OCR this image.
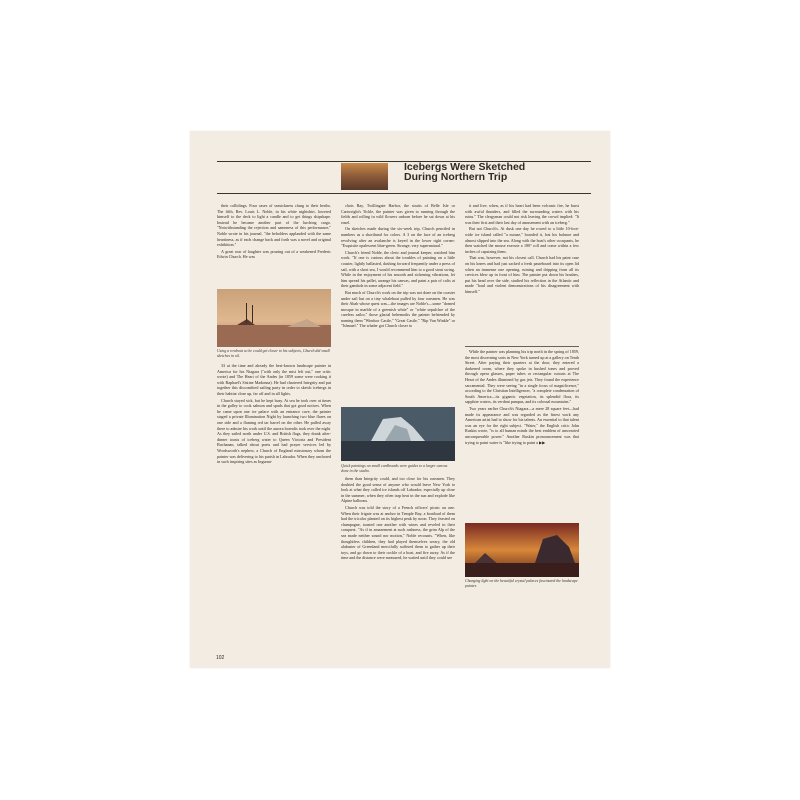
Icebergs Were Sketched During Northern Trip

their collidings. Four cases of seasickness clung to their berths. The fifth, Rev. Louis L. Noble, in his white nightshirt, lowered himself to the deck to light a candle and to get things shipshape. Instead he became another part of the lurching cargo. "Notwithstanding the rejection and sameness of this performance," Noble wrote in his journal, "the beholders applauded with the same heartiness, as if each change back and forth was a novel and original exhibition."

A great roar of laughter was pouring out of a weakened Frederic Edwin Church. He was

Using a rowboat so he could get closer to his subjects, Church did small sketches in oil.

33 at the time and already the best-known landscape painter in America for his Niagara ("with only the mist left out," one critic wrote) and The Heart of the Andes (in 1859 some were rooking it with Raphael's Sistine Madonna). He had chartered Integrity and put together this discomfited sailing party in order to sketch icebergs in their habitat close up, far off and in all lights.

Church stayed sick, but he kept busy. At sea he took over at times in the galley to cook salmon and spuds that got good notices. When he came upon one ice palace with an entrance cave, the painter staged a private Illumination Night by launching two blue flares on one side and a flaming red tar barrel on the other. He pulled away there to admire his work until the aurora borealis took over the night. As they sailed north under U.S. and British flags, they drank after-dinner toasts of iceberg water to Queen Victoria and President Buchanan, talked about poets and had prayer services led by Wordsworth's nephew, a Church of England missionary whom the painter was delivering to his parish in Labrador. When they anchored in such inspiring sites as Ingurna-

chois Bay, Twillingate Harbor, the straits of Belle Isle or Cartwright's Tickle, the painter was given to running through the fields and rolling in wild flowers unborn before he sat down at his easel.

On sketches made during the six-week trip, Church penciled in numbers as a shorthand for colors. A 3 on the face of an iceberg revolving after an avalanche is keyed in the lower right corner: "Exquisite opalescent blue-green. Strange, very supernatural."

Church's friend Noble, the cleric and journal keeper, watched him work. "If one is curious about the troubles of painting on a little coaster, lightly ballasted, dashing forward frequently under a press of sail, with a short sea, I would recommend him to a good stout swing. While in the enjoyment of his smooth and sickening vibrations, let him spread his pallet, arrange his canvas, and paint a pair of colts at their gambols in some adjacent field."

But much of Church's work on the trip was not done on the coaster under sail but on a tiny whaleboat pulled by four oarsmen. He was their Ahab whose quest was—the images are Noble's—some "domed mosque in marble of a greenish white" or "white sepulchre of the careless sailor," those glacial behemoths the painter befriended by naming them "Windsor Castle," "Great Castle," "Rip Van Winkle" or "Ishmael." The whaler got Church closer to

Quick paintings on small cardboards were guides to a larger canvas done in the studio.

them than Integrity could, and too close for his oarsmen. They doubted the good sense of anyone who would leave New York to look at what they called ice islands off Labrador, especially up close in the summer, when they often trap heat in the sun and explode like Alpine balloons.

Church was told the story of a French officers' picnic on one. When their frigate was at anchor in Temple Bay, a boatload of them had the tricolor planted on its highest peak by noon. They feasted on champagne, toasted one another with wines and reveled in their conquest. "As if in amazement at such rashness, the grim Alp of the sea made neither sound nor motion," Noble recounts. "When, like thoughtless children, they had played themselves weary, the old alabaster of Greenland mercifully suffered them to gather up their toys, and go down to their cockle of a boat, and fire away. As if the time and the distance were measured, he waited until they could see

it and live; when, as if his heart had been volcanic fire, he burst with awful thunders, and filled the surrounding waters with his ruins." The clergyman could not risk leaving the crowd implied: "It was their first and their last day of amusement with an iceberg."

But not Church's. At dusk one day he rowed to a little 10-foot-wide ice island called "a mouse," boarded it, lost his balance and almost slipped into the sea. Along with the boat's other occupants, he then watched the mouse execute a 180° roll and come within a few inches of capsizing them.

That was, however, not his closest call. Church had his paint case on his knees and had just sacked a fresh pasteboard into its open lid when an immense one opening, ruining and dripping from all its crevices blew up in front of him. The painter put down his brushes, put his head over the side, studied his reflection in the Atlantic and made "loud and violent demonstrations of his disagreement with himself."

While the painter was planning his trip north in the spring of 1859, the most discerning sorts in New York turned up at a gallery on Tenth Street. After paying their quarters at the door, they entered a darkened room, where they spoke in hushed tones and proved through opera glasses, paper tubes or rectangular cutouts at The Heart of the Andes illumined by gas jets. They found the experience sacramental. They were seeing "in a single focus of magnificence," according to the Christian Intelligencer, "a complete condensation of South America—its gigantic vegetation, its splendid flora, its sapphire waters, its verdant pampas, and its colossal mountains."

Two years earlier Church's Niagara—a mere 28 square feet—had made its appearance and was regarded as the finest work any American artist had to show for his talents. An essential to that talent was an eye for the right subject. "Water," the English critic John Ruskin wrote, "is to all human minds the best emblem of unwearied unconquerable power." Another Ruskin pronouncement was that trying to paint water is "like trying to paint a ▶▶

Changing light on the beautiful crystal palaces fascinated the landscape painter.
102
